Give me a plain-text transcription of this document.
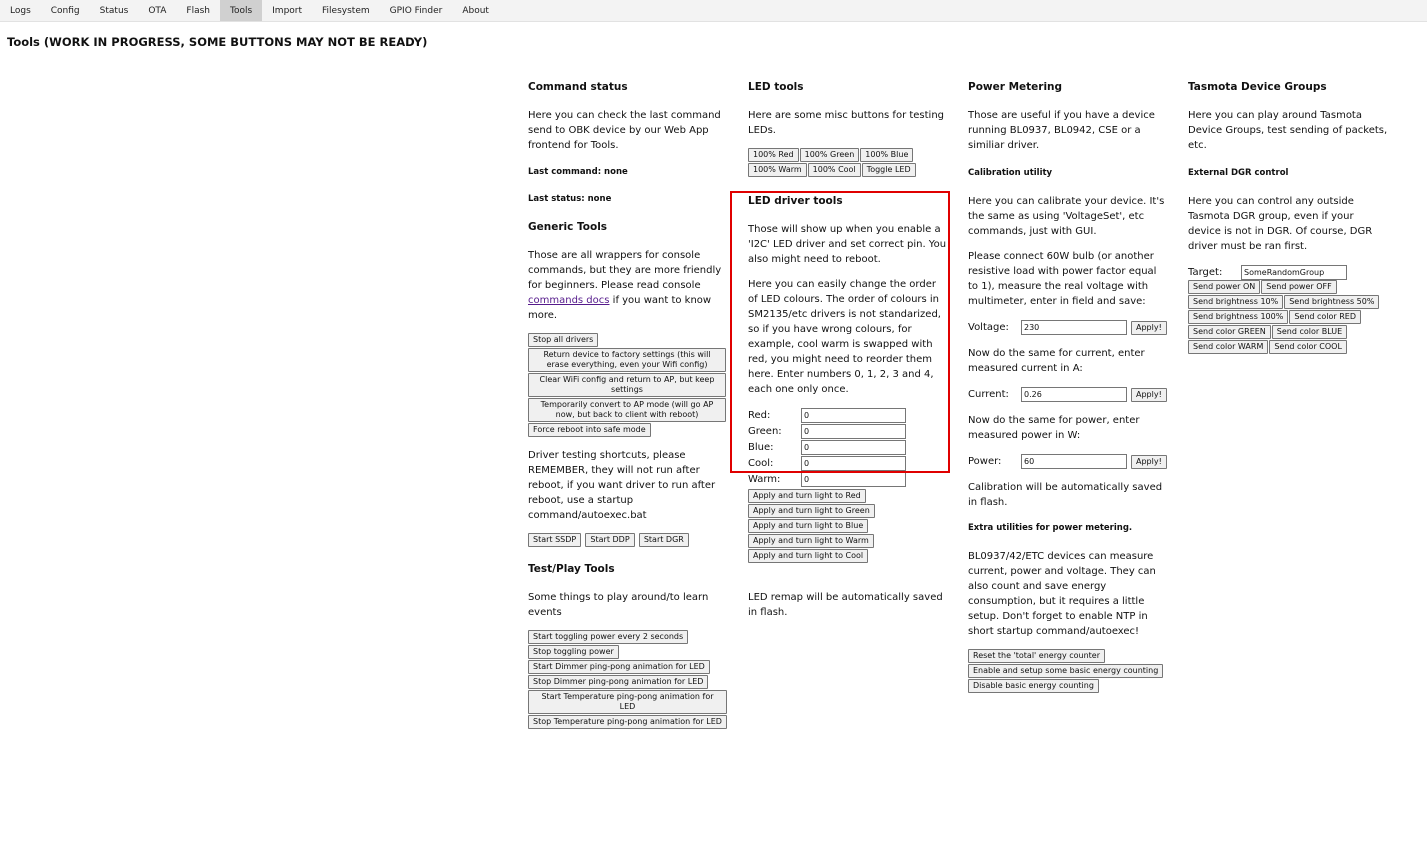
Logs	Config	Status	OTA	Flash	Tools	Import	Filesystem	GPIO Finder	About
Tools (WORK IN PROGRESS, SOME BUTTONS MAY NOT BE READY)
Command status

Here you can check the last command send to OBK device by our Web App frontend for Tools.

Last command: none
Last status: none
Generic Tools

Those are all wrappers for console commands, but they are more friendly for beginners. Please read console commands docs if you want to know more.

Stop all drivers
Return device to factory settings (this will erase everything, even your Wifi config)
Clear WiFi config and return to AP, but keep settings
Temporarily convert to AP mode (will go AP now, but back to client with reboot)
Force reboot into safe mode

Driver testing shortcuts, please REMEMBER, they will not run after reboot, if you want driver to run after reboot, use a startup command/autoexec.bat

Start SSDP Start DDP Start DGR
Test/Play Tools

Some things to play around/to learn events

Start toggling power every 2 seconds
Stop toggling power
Start Dimmer ping-pong animation for LED
Stop Dimmer ping-pong animation for LED
Start Temperature ping-pong animation for LED
Stop Temperature ping-pong animation for LED
LED tools

Here are some misc buttons for testing LEDs.

100% Red 100% Green 100% Blue
100% Warm 100% Cool Toggle LED
LED driver tools

Those will show up when you enable a 'I2C' LED driver and set correct pin. You also might need to reboot.

Here you can easily change the order of LED colours. The order of colours in SM2135/etc drivers is not standarized, so if you have wrong colours, for example, cool warm is swapped with red, you might need to reorder them here. Enter numbers 0, 1, 2, 3 and 4, each one only once.

Red:
0
Green:
0
Blue:
0
Cool:
0
Warm:
0
Apply and turn light to Red
Apply and turn light to Green
Apply and turn light to Blue
Apply and turn light to Warm
Apply and turn light to Cool

LED remap will be automatically saved in flash.

Power Metering

Those are useful if you have a device running BL0937, BL0942, CSE or a similiar driver.

Calibration utility

Here you can calibrate your device. It's the same as using 'VoltageSet', etc commands, just with GUI.

Please connect 60W bulb (or another resistive load with power factor equal to 1), measure the real voltage with multimeter, enter in field and save:

Voltage:
230	Apply!

Now do the same for current, enter measured current in A:

Current:
0.26	Apply!

Now do the same for power, enter measured power in W:

Power:
60	Apply!

Calibration will be automatically saved in flash.

Extra utilities for power metering.

BL0937/42/ETC devices can measure current, power and voltage. They can also count and save energy consumption, but it requires a little setup. Don't forget to enable NTP in short startup command/autoexec!

Reset the 'total' energy counter
Enable and setup some basic energy counting
Disable basic energy counting
Tasmota Device Groups

Here you can play around Tasmota Device Groups, test sending of packets, etc.

External DGR control

Here you can control any outside Tasmota DGR group, even if your device is not in DGR. Of course, DGR driver must be ran first.

Target:
SomeRandomGroup
Send power ON Send power OFF
Send brightness 10% Send brightness 50%
Send brightness 100% Send color RED
Send color GREEN Send color BLUE
Send color WARM Send color COOL
